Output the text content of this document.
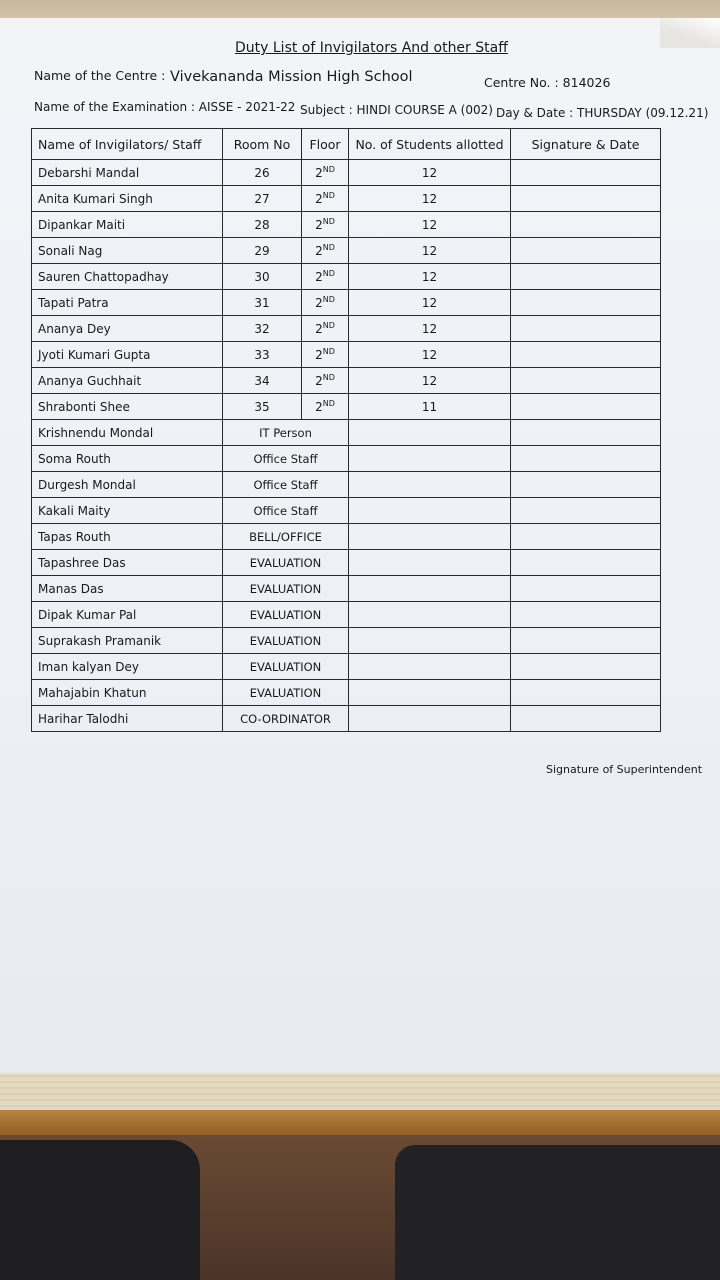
Duty List of Invigilators And other Staff
Name of the Centre : Vivekananda Mission High School	Centre No. : 814026
Name of the Examination : AISSE - 2021-22 Subject : HINDI COURSE A (002) Day & Date : THURSDAY (09.12.21)
Name of Invigilators/ Staff	Room No	Floor	No. of Students allotted	Signature & Date
Debarshi Mandal	26	2ND	12	
Anita Kumari Singh	27	2ND	12	
Dipankar Maiti	28	2ND	12	
Sonali Nag	29	2ND	12	
Sauren Chattopadhay	30	2ND	12	
Tapati Patra	31	2ND	12	
Ananya Dey	32	2ND	12	
Jyoti Kumari Gupta	33	2ND	12	
Ananya Guchhait	34	2ND	12	
Shrabonti Shee	35	2ND	11	
Krishnendu Mondal	IT Person			
Soma Routh	Office Staff			
Durgesh Mondal	Office Staff			
Kakali Maity	Office Staff			
Tapas Routh	BELL/OFFICE			
Tapashree Das	EVALUATION			
Manas Das	EVALUATION			
Dipak Kumar Pal	EVALUATION			
Suprakash Pramanik	EVALUATION			
Iman kalyan Dey	EVALUATION			
Mahajabin Khatun	EVALUATION			
Harihar Talodhi	CO-ORDINATOR			
Signature of Superintendent
